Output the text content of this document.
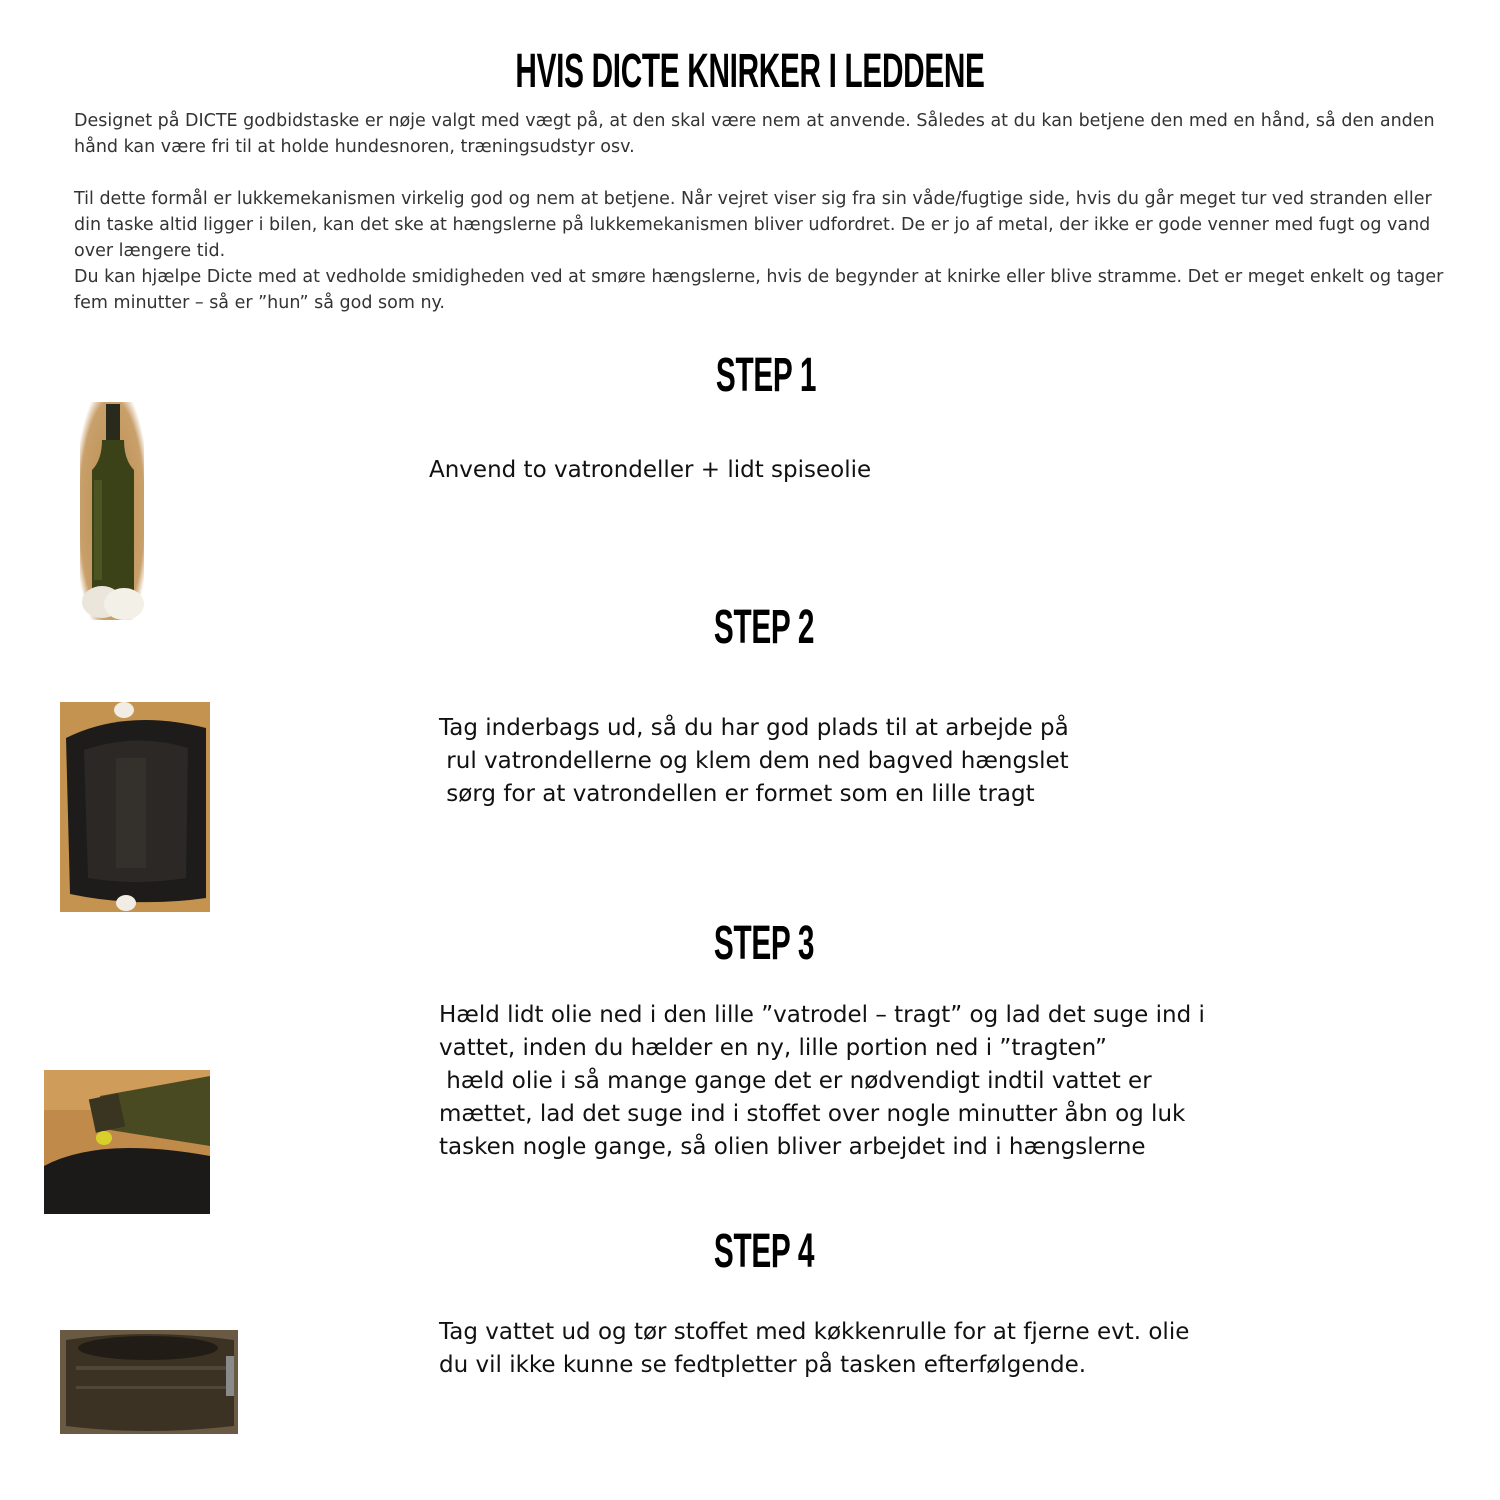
HVIS DICTE KNIRKER I LEDDENE

Designet på DICTE godbidstaske er nøje valgt med vægt på, at den skal være nem at anvende. Således at du kan betjene den med en hånd, så den anden hånd kan være fri til at holde hundesnoren, træningsudstyr osv.

Til dette formål er lukkemekanismen virkelig god og nem at betjene. Når vejret viser sig fra sin våde/fugtige side, hvis du går meget tur ved stranden eller din taske altid ligger i bilen, kan det ske at hængslerne på lukkemekanismen bliver udfordret. De er jo af metal, der ikke er gode venner med fugt og vand over længere tid.

Du kan hjælpe Dicte med at vedholde smidigheden ved at smøre hængslerne, hvis de begynder at knirke eller blive stramme. Det er meget enkelt og tager fem minutter – så er ”hun” så god som ny.

STEP 1

Anvend to vatrondeller + lidt spiseolie

STEP 2

Tag inderbags ud, så du har god plads til at arbejde på

rul vatrondellerne og klem dem ned bagved hængslet

sørg for at vatrondellen er formet som en lille tragt

STEP 3

Hæld lidt olie ned i den lille ”vatrodel – tragt” og lad det suge ind i

vattet, inden du hælder en ny, lille portion ned i ”tragten”

hæld olie i så mange gange det er nødvendigt indtil vattet er

mættet, lad det suge ind i stoffet over nogle minutter åbn og luk

tasken nogle gange, så olien bliver arbejdet ind i hængslerne

STEP 4

Tag vattet ud og tør stoffet med køkkenrulle for at fjerne evt. olie

du vil ikke kunne se fedtpletter på tasken efterfølgende.
